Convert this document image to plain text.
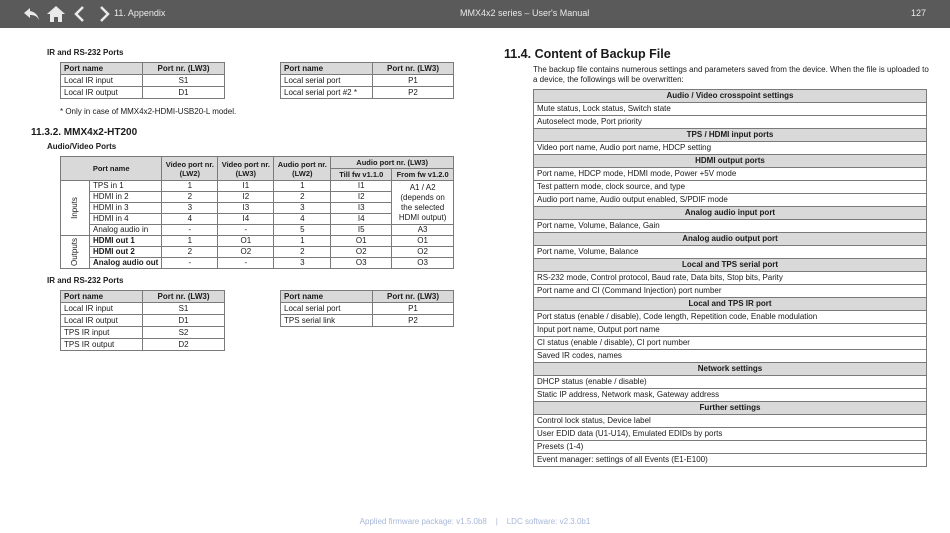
11. Appendix	MMX4x2 series – User's Manual	127
IR and RS-232 Ports
Port name	Port nr. (LW3)
Local IR input	S1
Local IR output	D1
Port name	Port nr. (LW3)
Local serial port	P1
Local serial port #2 *	P2
* Only in case of MMX4x2-HDMI-USB20-L model.
11.3.2. MMX4x2-HT200
Audio/Video Ports
Port name		Video port nr. (LW2)	Video port nr. (LW3)	Audio port nr. (LW2)	Audio port nr. (LW3)	
					Till fw v1.1.0	From fw v1.2.0
Inputs	TPS in 1	1	I1	1	I1	A1 / A2 (depends on the selected HDMI output)
	HDMI in 2	2	I2	2	I2	
	HDMI in 3	3	I3	3	I3	
	HDMI in 4	4	I4	4	I4	
	Analog audio in	-	-	5	I5	A3
Outputs	HDMI out 1	1	O1	1	O1	O1
	HDMI out 2	2	O2	2	O2	O2
	Analog audio out	-	-	3	O3	O3
IR and RS-232 Ports
Port name	Port nr. (LW3)
Local IR input	S1
Local IR output	D1
TPS IR input	S2
TPS IR output	D2
Port name	Port nr. (LW3)
Local serial port	P1
TPS serial link	P2
11.4. Content of Backup File
The backup file contains numerous settings and parameters saved from the device. When the file is uploaded to a device, the followings will be overwritten:
Audio / Video crosspoint settings
Mute status, Lock status, Switch state
Autoselect mode, Port priority
TPS / HDMI input ports
Video port name, Audio port name, HDCP setting
HDMI output ports
Port name, HDCP mode, HDMI mode, Power +5V mode
Test pattern mode, clock source, and type
Audio port name, Audio output enabled, S/PDIF mode
Analog audio input port
Port name, Volume, Balance, Gain
Analog audio output port
Port name, Volume, Balance
Local and TPS serial port
RS-232 mode, Control protocol, Baud rate, Data bits, Stop bits, Parity
Port name and CI (Command Injection) port number
Local and TPS IR port
Port status (enable / disable), Code length, Repetition code, Enable modulation
Input port name, Output port name
CI status (enable / disable), CI port number
Saved IR codes, names
Network settings
DHCP status (enable / disable)
Static IP address, Network mask, Gateway address
Further settings
Control lock status, Device label
User EDID data (U1-U14), Emulated EDIDs by ports
Presets (1-4)
Event manager: settings of all Events (E1-E100)
Applied firmware package: v1.5.0b8 | LDC software: v2.3.0b1
